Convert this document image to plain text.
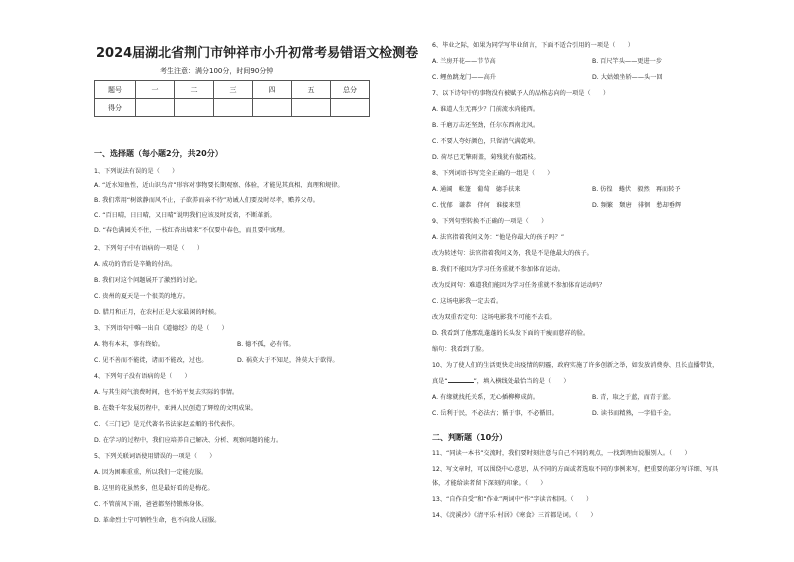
2024届湖北省荆门市钟祥市小升初常考易错语文检测卷
考生注意：满分100分，时间90分钟
题号	一	二	三	四	五	总分
得分						
一、选择题（每小题2分，共20分）
1、下列说法有误的是（　　）
A. “近水知鱼性，近山识鸟音”形容对事物要长期观察、体验，才能见其真相、真理和规律。
B. 我们常用“树欲静而风不止，子欲养而亲不待”劝诫人们要及时尽孝，赡养父母。
C. “百日晴，日日晴，又日晴”说明我们应该及时反省，不断革新。
D. “春色满园关不住，一枝红杏出墙来”不仅要中春色，而且要中寓理。
2、下列句子中有语病的一项是（　　）
A. 成功的背后是辛勤的付出。
B. 我们对这个问题展开了激烈的讨论。
C. 贵州的夏天是一个很美的地方。
D. 腊月和正月，在农村正是大家最闲的时候。
3、下列语句中唯一出自《道德经》的是（　　）
A. 物有本末，事有终始。	B. 德不孤，必有邻。
C. 见不善而不能徙，诸而不能改，过也。	D. 祸莫大于不知足，咎莫大于欲得。
4、下列句子没有语病的是（　　）
A. 与其生闷气浪费时间，也不妨平复去实际的事情。
B. 在数千年发展历程中，亚洲人民创造了辉煌的文明成果。
C. 《三门记》是元代著名书法家赵孟頫的书代表作。
D. 在学习的过程中，我们应培养自己解决、分析、观察问题的能力。
5、下列关联词语使用错误的一项是（　　）
A. 因为困难重重，所以我们一定能克服。
B. 这里的花虽然多，但是最好看的是梅花。
C. 不管前风下雨，爸爸都坚持锻炼身体。
D. 革命烈士宁可牺牲生命，也不向敌人屈服。
6、毕业之际，如果为同学写毕业留言，下面不适合引用的一项是（　　）
A. 兰房开花——节节高	B. 百尺竿头——更进一步
C. 鲤鱼跳龙门——高升	D. 大姑娘坐轿——头一回
7、以下诗句中的事物没有被赋予人的品格志向的一项是（　　）
A. 谁道人生无再少？门前流水尚能西。
B. 千磨万击还坚劲，任尔东西南北风。
C. 不要人夸好颜色，只留清气满乾坤。
D. 荷尽已无擎雨盖，菊残犹有傲霜枝。
8、下列词语书写完全正确的一组是（　　）
A. 通阔　帐篷　葡萄　德手扶来	B. 彷徨　蜷伏　毅然　再而转予
C. 忧郁　谦恭　伴何　谁接来望	D. 频繁　颓唐　徘徊　愁却垂辉
9、下列句型转换不正确的一项是（　　）
A. 法官指着我问义务：“他是你最大的孩子吗？”
改为转述句：法官指着我问义务，我是不是他最大的孩子。
B. 我们不能因为学习任务重就不参加体育运动。
改为反问句：难道我们能因为学习任务重就不参加体育运动吗？
C. 这场电影我一定去看。
改为双重否定句：这场电影我不可能不去看。
D. 我看到了他那乱蓬蓬的长头发下面的干瘦而慈祥的脸。
缩句：我看到了脸。
10、为了使人们的生活更快走出疫情的阴霾，政府实施了许多创新之举，如发放消费券、且长直播带货，
真是“	”，填入横线处最恰当的是（　　）
A. 有缘就找托关系，无心插柳柳成荫。	B. 青，取之于蓝，而青于蓝。
C. 岳利于民，不必法古；循于事，不必循旧。	D. 读书而精熟，一字值千金。
二、判断题（10分）
11、“同读一本书”交流时，我们要时刻注意与自己不同的观点，一找到理由说服别人。（　　）
12、写文章时，可以围绕中心意思，从不同的方面或者选取不同的事例来写，把重要的部分写详细、写具
体，才能给读者留下深刻的印象。（　　）
13、“自作自受”和“作业”两词中“作”字读音相同。（　　）
14、《浣溪沙》《清平乐·村居》《寒食》三首都是词。（　　）
